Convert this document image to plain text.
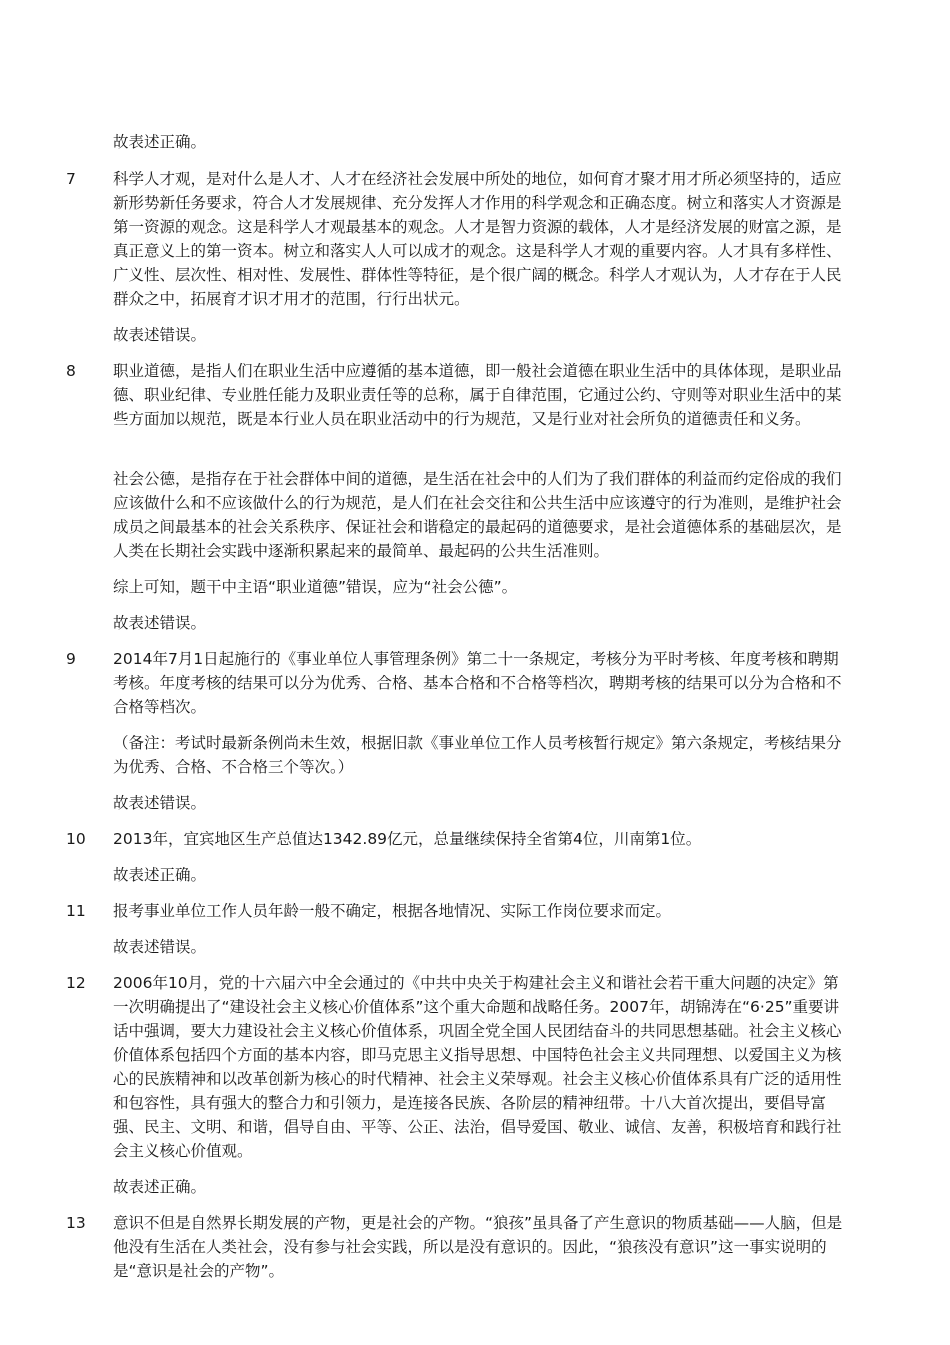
故表述正确。
7	科学人才观，是对什么是人才、人才在经济社会发展中所处的地位，如何育才聚才用才所必须坚持的，适应新形势新任务要求，符合人才发展规律、充分发挥人才作用的科学观念和正确态度。树立和落实人才资源是第一资源的观念。这是科学人才观最基本的观念。人才是智力资源的载体，人才是经济发展的财富之源，是真正意义上的第一资本。树立和落实人人可以成才的观念。这是科学人才观的重要内容。人才具有多样性、广义性、层次性、相对性、发展性、群体性等特征，是个很广阔的概念。科学人才观认为，人才存在于人民群众之中，拓展育才识才用才的范围，行行出状元。
故表述错误。
8	职业道德，是指人们在职业生活中应遵循的基本道德，即一般社会道德在职业生活中的具体体现，是职业品德、职业纪律、专业胜任能力及职业责任等的总称，属于自律范围，它通过公约、守则等对职业生活中的某些方面加以规范，既是本行业人员在职业活动中的行为规范，又是行业对社会所负的道德责任和义务。
社会公德，是指存在于社会群体中间的道德，是生活在社会中的人们为了我们群体的利益而约定俗成的我们应该做什么和不应该做什么的行为规范，是人们在社会交往和公共生活中应该遵守的行为准则，是维护社会成员之间最基本的社会关系秩序、保证社会和谐稳定的最起码的道德要求，是社会道德体系的基础层次，是人类在长期社会实践中逐渐积累起来的最简单、最起码的公共生活准则。
综上可知，题干中主语“职业道德”错误，应为“社会公德”。
故表述错误。
9	2014年7月1日起施行的《事业单位人事管理条例》第二十一条规定，考核分为平时考核、年度考核和聘期考核。年度考核的结果可以分为优秀、合格、基本合格和不合格等档次，聘期考核的结果可以分为合格和不合格等档次。
（备注：考试时最新条例尚未生效，根据旧款《事业单位工作人员考核暂行规定》第六条规定，考核结果分为优秀、合格、不合格三个等次。）
故表述错误。
10	2013年，宜宾地区生产总值达1342.89亿元，总量继续保持全省第4位，川南第1位。
故表述正确。
11	报考事业单位工作人员年龄一般不确定，根据各地情况、实际工作岗位要求而定。
故表述错误。
12	2006年10月，党的十六届六中全会通过的《中共中央关于构建社会主义和谐社会若干重大问题的决定》第一次明确提出了“建设社会主义核心价值体系”这个重大命题和战略任务。2007年，胡锦涛在“6·25”重要讲话中强调，要大力建设社会主义核心价值体系，巩固全党全国人民团结奋斗的共同思想基础。社会主义核心价值体系包括四个方面的基本内容，即马克思主义指导思想、中国特色社会主义共同理想、以爱国主义为核心的民族精神和以改革创新为核心的时代精神、社会主义荣辱观。社会主义核心价值体系具有广泛的适用性和包容性，具有强大的整合力和引领力，是连接各民族、各阶层的精神纽带。十八大首次提出，要倡导富强、民主、文明、和谐，倡导自由、平等、公正、法治，倡导爱国、敬业、诚信、友善，积极培育和践行社会主义核心价值观。
故表述正确。
13	意识不但是自然界长期发展的产物，更是社会的产物。“狼孩”虽具备了产生意识的物质基础——人脑，但是他没有生活在人类社会，没有参与社会实践，所以是没有意识的。因此，“狼孩没有意识”这一事实说明的是“意识是社会的产物”。
